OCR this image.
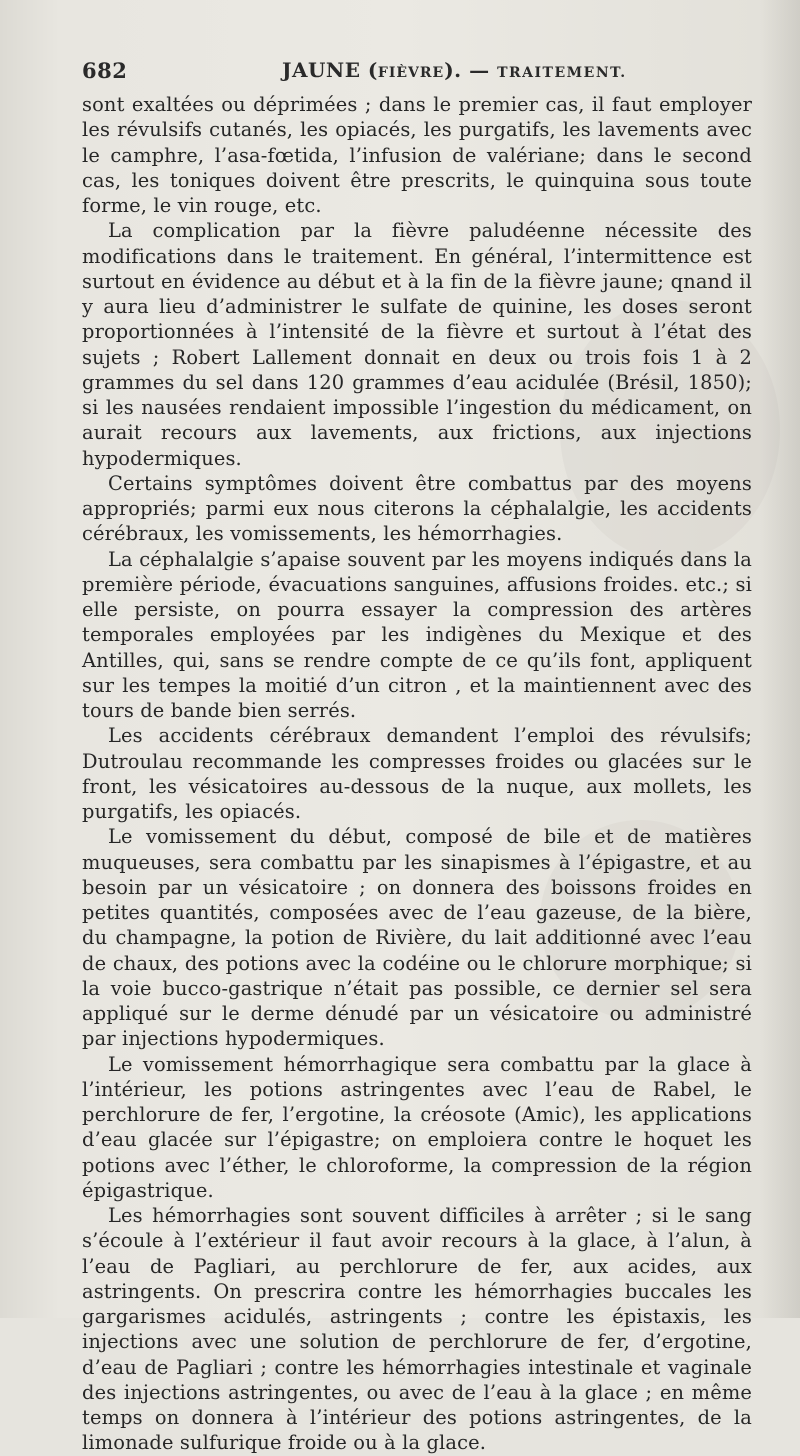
682	JAUNE (FIÈVRE). — TRAITEMENT.

sont exaltées ou déprimées ; dans le premier cas, il faut employer les révulsifs cutanés, les opiacés, les purgatifs, les lavements avec le camphre, l’asa-fœtida, l’infusion de valériane; dans le second cas, les toniques doivent être prescrits, le quinquina sous toute forme, le vin rouge, etc.

La complication par la fièvre paludéenne nécessite des modifications dans le traitement. En général, l’intermittence est surtout en évidence au début et à la fin de la fièvre jaune; qnand il y aura lieu d’administrer le sulfate de quinine, les doses seront proportionnées à l’intensité de la fièvre et surtout à l’état des sujets ; Robert Lallement donnait en deux ou trois fois 1 à 2 grammes du sel dans 120 grammes d’eau acidulée (Brésil, 1850); si les nausées rendaient impossible l’ingestion du médicament, on aurait recours aux lavements, aux frictions, aux injections hypodermiques.

Certains symptômes doivent être combattus par des moyens appropriés; parmi eux nous citerons la céphalalgie, les accidents cérébraux, les vomissements, les hémorrhagies.

La céphalalgie s’apaise souvent par les moyens indiqués dans la première période, évacuations sanguines, affusions froides. etc.; si elle persiste, on pourra essayer la compression des artères temporales employées par les indigènes du Mexique et des Antilles, qui, sans se rendre compte de ce qu’ils font, appliquent sur les tempes la moitié d’un citron , et la maintiennent avec des tours de bande bien serrés.

Les accidents cérébraux demandent l’emploi des révulsifs; Dutroulau recommande les compresses froides ou glacées sur le front, les vésicatoires au-dessous de la nuque, aux mollets, les purgatifs, les opiacés.

Le vomissement du début, composé de bile et de matières muqueuses, sera combattu par les sinapismes à l’épigastre, et au besoin par un vésicatoire ; on donnera des boissons froides en petites quantités, composées avec de l’eau gazeuse, de la bière, du champagne, la potion de Rivière, du lait additionné avec l’eau de chaux, des potions avec la codéine ou le chlorure morphique; si la voie bucco-gastrique n’était pas possible, ce dernier sel sera appliqué sur le derme dénudé par un vésicatoire ou administré par injections hypodermiques.

Le vomissement hémorrhagique sera combattu par la glace à l’intérieur, les potions astringentes avec l’eau de Rabel, le perchlorure de fer, l’ergotine, la créosote (Amic), les applications d’eau glacée sur l’épigastre; on emploiera contre le hoquet les potions avec l’éther, le chloroforme, la compression de la région épigastrique.

Les hémorrhagies sont souvent difficiles à arrêter ; si le sang s’écoule à l’extérieur il faut avoir recours à la glace, à l’alun, à l’eau de Pagliari, au perchlorure de fer, aux acides, aux astringents. On prescrira contre les hémorrhagies buccales les gargarismes acidulés, astringents ; contre les épistaxis, les injections avec une solution de perchlorure de fer, d’ergotine, d’eau de Pagliari ; contre les hémorrhagies intestinale et vaginale des injections astringentes, ou avec de l’eau à la glace ; en même temps on donnera à l’intérieur des potions astringentes, de la limonade sulfurique froide ou à la glace.
